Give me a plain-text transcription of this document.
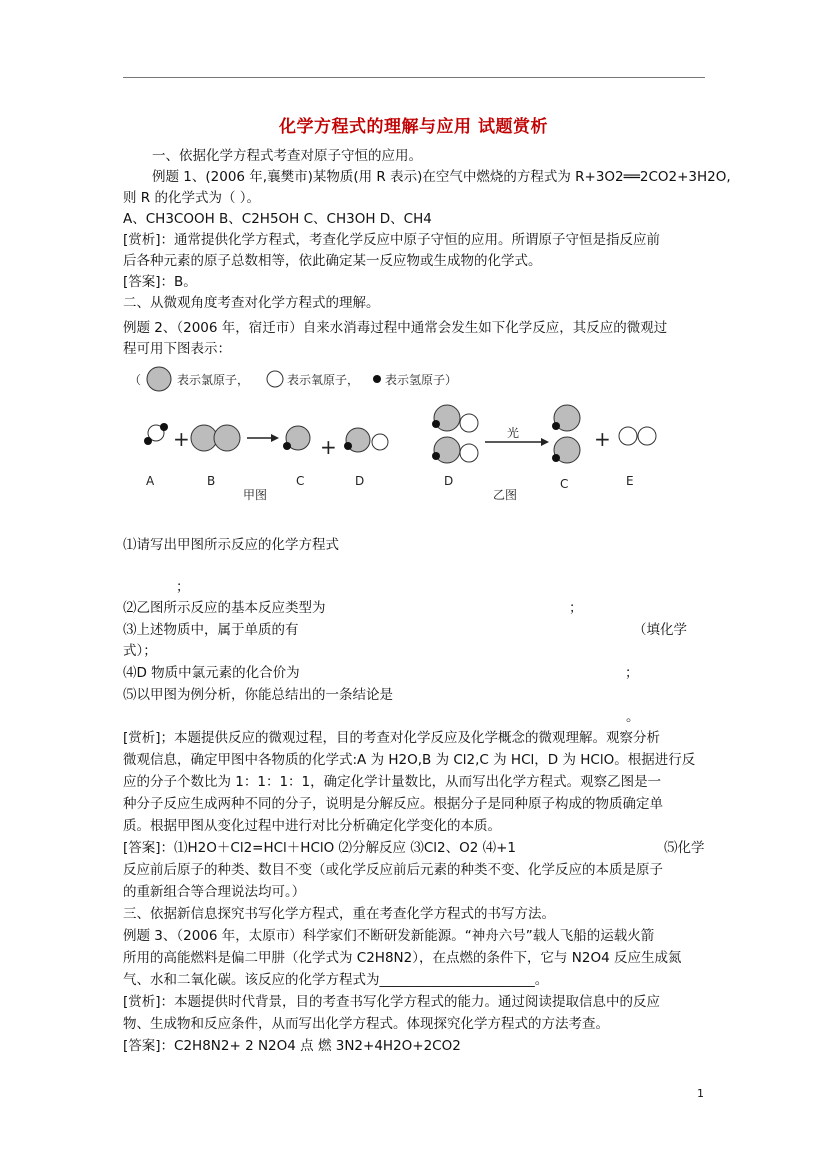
化学方程式的理解与应用 试题赏析
一、依据化学方程式考查对原子守恒的应用。
例题 1、(2006 年,襄樊市)某物质(用 R 表示)在空气中燃烧的方程式为 R+3O2══2CO2+3H2O,
则 R 的化学式为（ ）。
A、CH3COOH B、C2H5OH C、CH3OH D、CH4
[赏析]：通常提供化学方程式，考查化学反应中原子守恒的应用。所谓原子守恒是指反应前
后各种元素的原子总数相等，依此确定某一反应物或生成物的化学式。
[答案]：B。
二、从微观角度考查对化学方程式的理解。
例题 2、（2006 年，宿迁市）自来水消毒过程中通常会发生如下化学反应，其反应的微观过
程可用下图表示：
（	表示氯原子，	表示氧原子， 表示氢原子）
+	+
A	B
甲图
C	D
光	+
D
乙图
C	E
⑴请写出甲图所示反应的化学方程式
；
⑵乙图所示反应的基本反应类型为	；
⑶上述物质中，属于单质的有	（填化学
式）；
⑷D 物质中氯元素的化合价为	；
⑸以甲图为例分析，你能总结出的一条结论是
。
[赏析]；本题提供反应的微观过程，目的考查对化学反应及化学概念的微观理解。观察分析
微观信息，确定甲图中各物质的化学式:A 为 H2O,B 为 Cl2,C 为 HCl，D 为 HClO。根据进行反
应的分子个数比为 1：1：1：1，确定化学计量数比，从而写出化学方程式。观察乙图是一
种分子反应生成两种不同的分子，说明是分解反应。根据分子是同种原子构成的物质确定单
质。根据甲图从变化过程中进行对比分析确定化学变化的本质。
[答案]：⑴H2O＋Cl2=HCl＋HClO ⑵分解反应 ⑶Cl2、O2 ⑷+1	⑸化学
反应前后原子的种类、数目不变（或化学反应前后元素的种类不变、化学反应的本质是原子
的重新组合等合理说法均可。）
三、依据新信息探究书写化学方程式，重在考查化学方程式的书写方法。
例题 3、（2006 年，太原市）科学家们不断研发新能源。“神舟六号”载人飞船的运载火箭
所用的高能燃料是偏二甲肼（化学式为 C2H8N2），在点燃的条件下，它与 N2O4 反应生成氮
气、水和二氧化碳。该反应的化学方程式为_______________________。
[赏析]：本题提供时代背景，目的考查书写化学方程式的能力。通过阅读提取信息中的反应
物、生成物和反应条件，从而写出化学方程式。体现探究化学方程式的方法考查。
[答案]：C2H8N2+ 2 N2O4 点 燃 3N2+4H2O+2CO2
1
